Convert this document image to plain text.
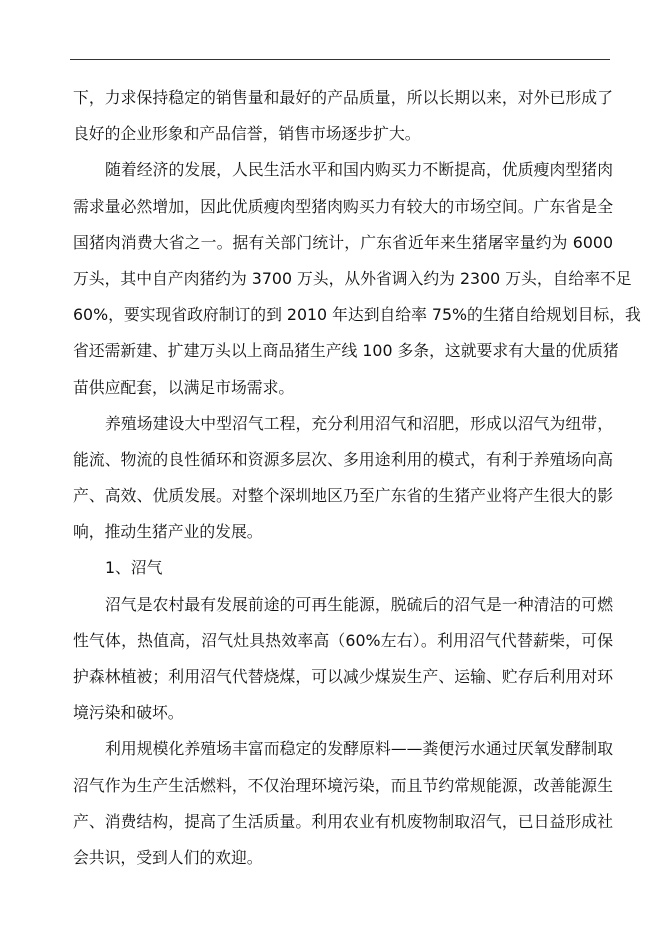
下，力求保持稳定的销售量和最好的产品质量，所以长期以来，对外已形成了
良好的企业形象和产品信誉，销售市场逐步扩大。
随着经济的发展，人民生活水平和国内购买力不断提高，优质瘦肉型猪肉
需求量必然增加，因此优质瘦肉型猪肉购买力有较大的市场空间。广东省是全
国猪肉消费大省之一。据有关部门统计，广东省近年来生猪屠宰量约为 6000
万头，其中自产肉猪约为 3700 万头，从外省调入约为 2300 万头，自给率不足
60%，要实现省政府制订的到 2010 年达到自给率 75%的生猪自给规划目标，我
省还需新建、扩建万头以上商品猪生产线 100 多条，这就要求有大量的优质猪
苗供应配套，以满足市场需求。
养殖场建设大中型沼气工程，充分利用沼气和沼肥，形成以沼气为纽带，
能流、物流的良性循环和资源多层次、多用途利用的模式，有利于养殖场向高
产、高效、优质发展。对整个深圳地区乃至广东省的生猪产业将产生很大的影
响，推动生猪产业的发展。
1、沼气
沼气是农村最有发展前途的可再生能源，脱硫后的沼气是一种清洁的可燃
性气体，热值高，沼气灶具热效率高（60%左右）。利用沼气代替薪柴，可保
护森林植被；利用沼气代替烧煤，可以减少煤炭生产、运输、贮存后利用对环
境污染和破坏。
利用规模化养殖场丰富而稳定的发酵原料——粪便污水通过厌氧发酵制取
沼气作为生产生活燃料，不仅治理环境污染，而且节约常规能源，改善能源生
产、消费结构，提高了生活质量。利用农业有机废物制取沼气，已日益形成社
会共识，受到人们的欢迎。
